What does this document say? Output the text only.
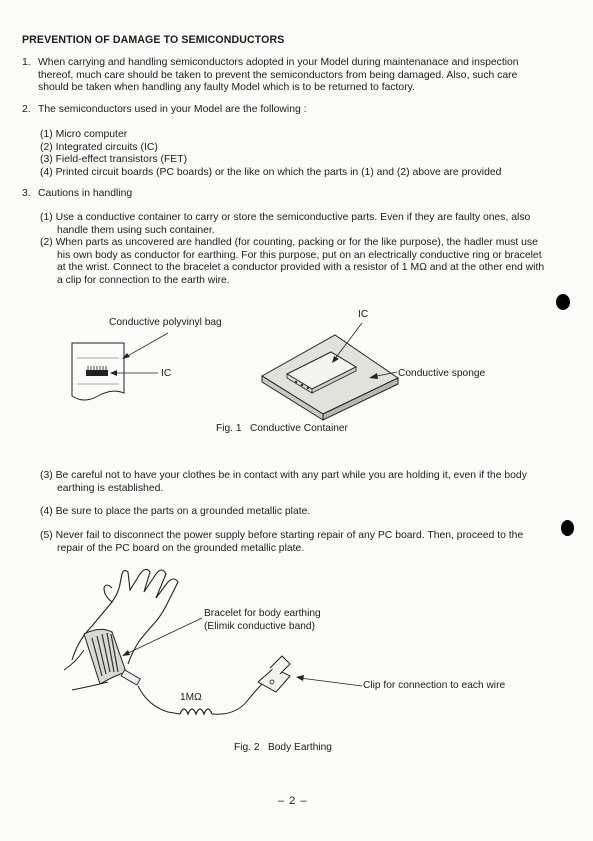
PREVENTION OF DAMAGE TO SEMICONDUCTORS
1. When carrying and handling semiconductors adopted in your Model during maintenanace and inspection thereof, much care should be taken to prevent the semiconductors from being damaged. Also, such care should be taken when handling any faulty Model which is to be returned to factory.

2. The semiconductors used in your Model are the following :

(1) Micro computer

(2) Integrated circuits (IC)

(3) Field-effect transistors (FET)

(4) Printed circuit boards (PC boards) or the like on which the parts in (1) and (2) above are provided

3. Cautions in handling

(1) Use a conductive container to carry or store the semiconductive parts. Even if they are faulty ones, also handle them using such container.

(2) When parts as uncovered are handled (for counting, packing or for the like purpose), the hadler must use his own body as conductor for earthing. For this purpose, put on an electrically conductive ring or bracelet at the wrist. Connect to the bracelet a conductor provided with a resistor of 1 MΩ and at the other end with a clip for connection to the earth wire.

Conductive polyvinyl bag
IC
IC
Conductive sponge
Fig. 1   Conductive Container

(3) Be careful not to have your clothes be in contact with any part while you are holding it, even if the body earthing is established.

(4) Be sure to place the parts on a grounded metallic plate.

(5) Never fail to disconnect the power supply before starting repair of any PC board. Then, proceed to the repair of the PC board on the grounded metallic plate.

Bracelet for body earthing
(Elimik conductive band)
Clip for connection to each wire
1MΩ
Fig. 2   Body Earthing
– 2 –
